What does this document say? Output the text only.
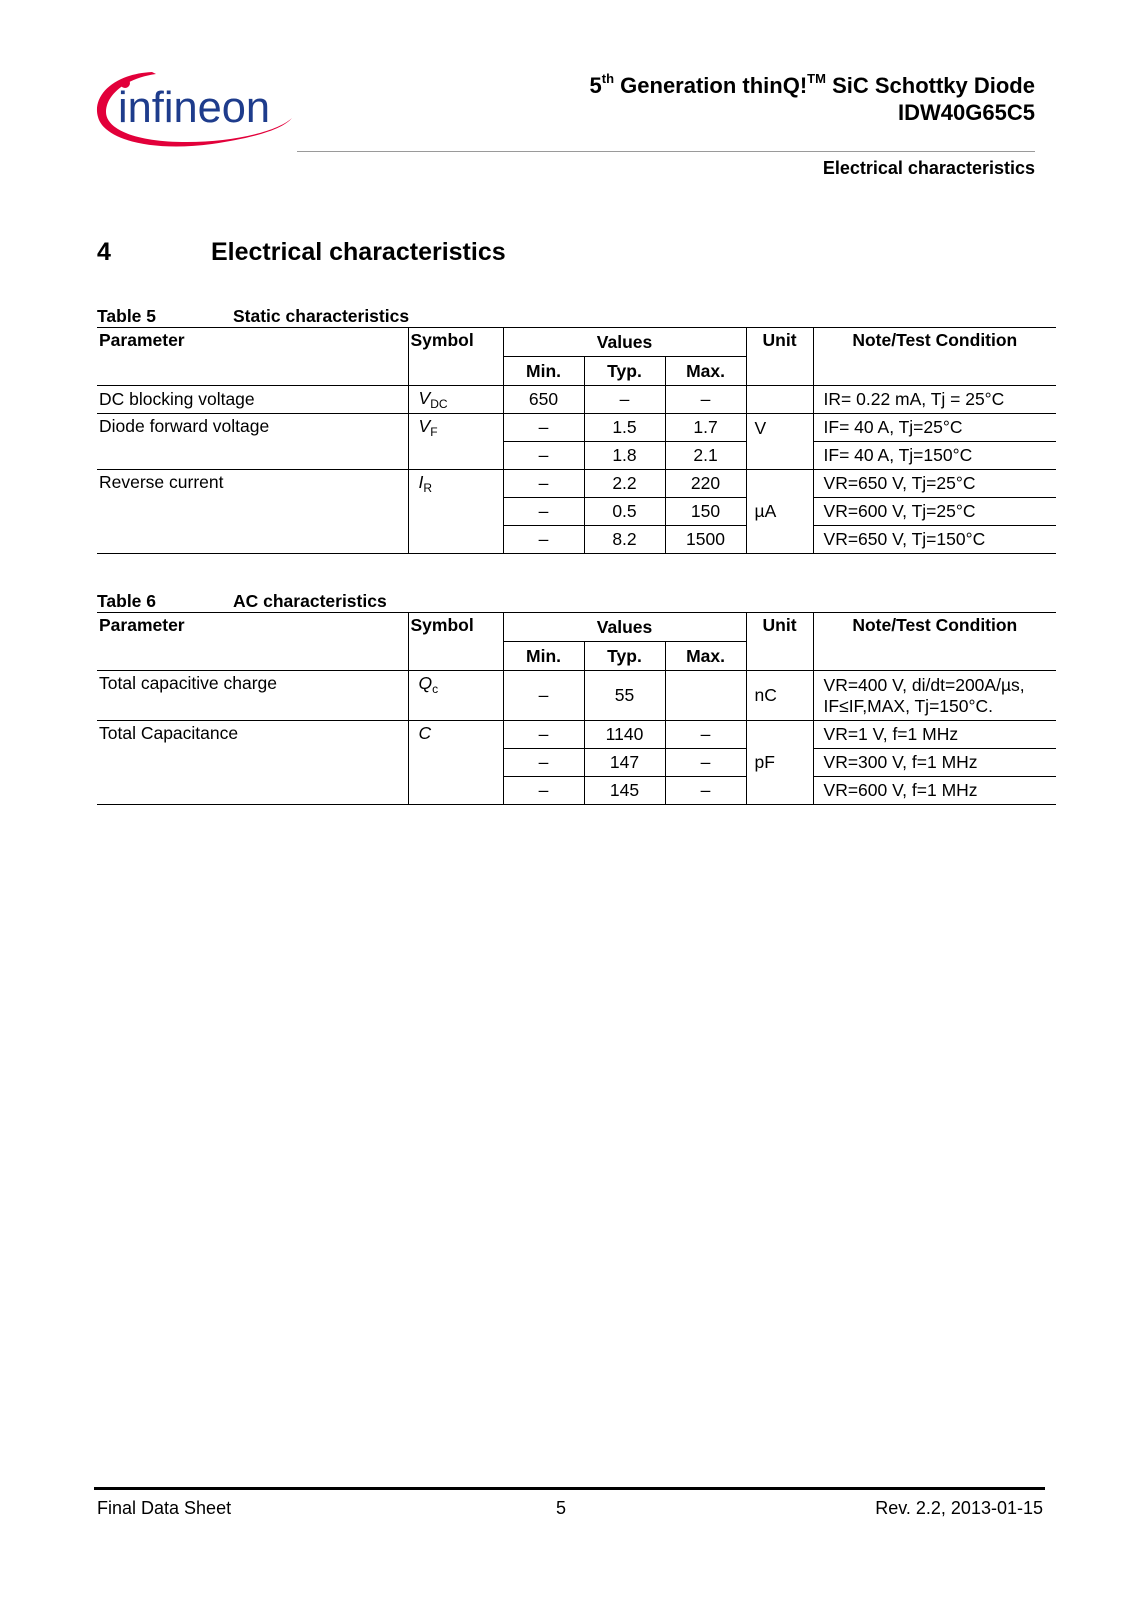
infineon	5th Generation thinQ!™ SiC Schottky Diode
IDW40G65C5
Electrical characteristics
4	Electrical characteristics
Table 5	Static characteristics
Parameter	Symbol	Values			Unit	Note/Test Condition
		Min.	Typ.	Max.		
DC blocking voltage	$V_{DC}$	650	–	–		IR= 0.22 mA, Tj = 25°C
Diode forward voltage	$V_F$	–	1.5	1.7	V	IF= 40 A, Tj=25°C
		–	1.8	2.1		IF= 40 A, Tj=150°C
Reverse current	$I_R$	–	2.2	220	µA	VR=650 V, Tj=25°C
		–	0.5	150		VR=600 V, Tj=25°C
		–	8.2	1500		VR=650 V, Tj=150°C
Table 6	AC characteristics
Parameter	Symbol	Values			Unit	Note/Test Condition
		Min.	Typ.	Max.		
Total capacitive charge	$Q_c$	–	55		nC	VR=400 V, di/dt=200A/µs,
IF≤IF,MAX, Tj=150°C.

Total Capacitance	C	–	1140	–	pF	VR=1 V, f=1 MHz
		–	147	–		VR=300 V, f=1 MHz
		–	145	–		VR=600 V, f=1 MHz
Final Data Sheet	5	Rev. 2.2, 2013-01-15
